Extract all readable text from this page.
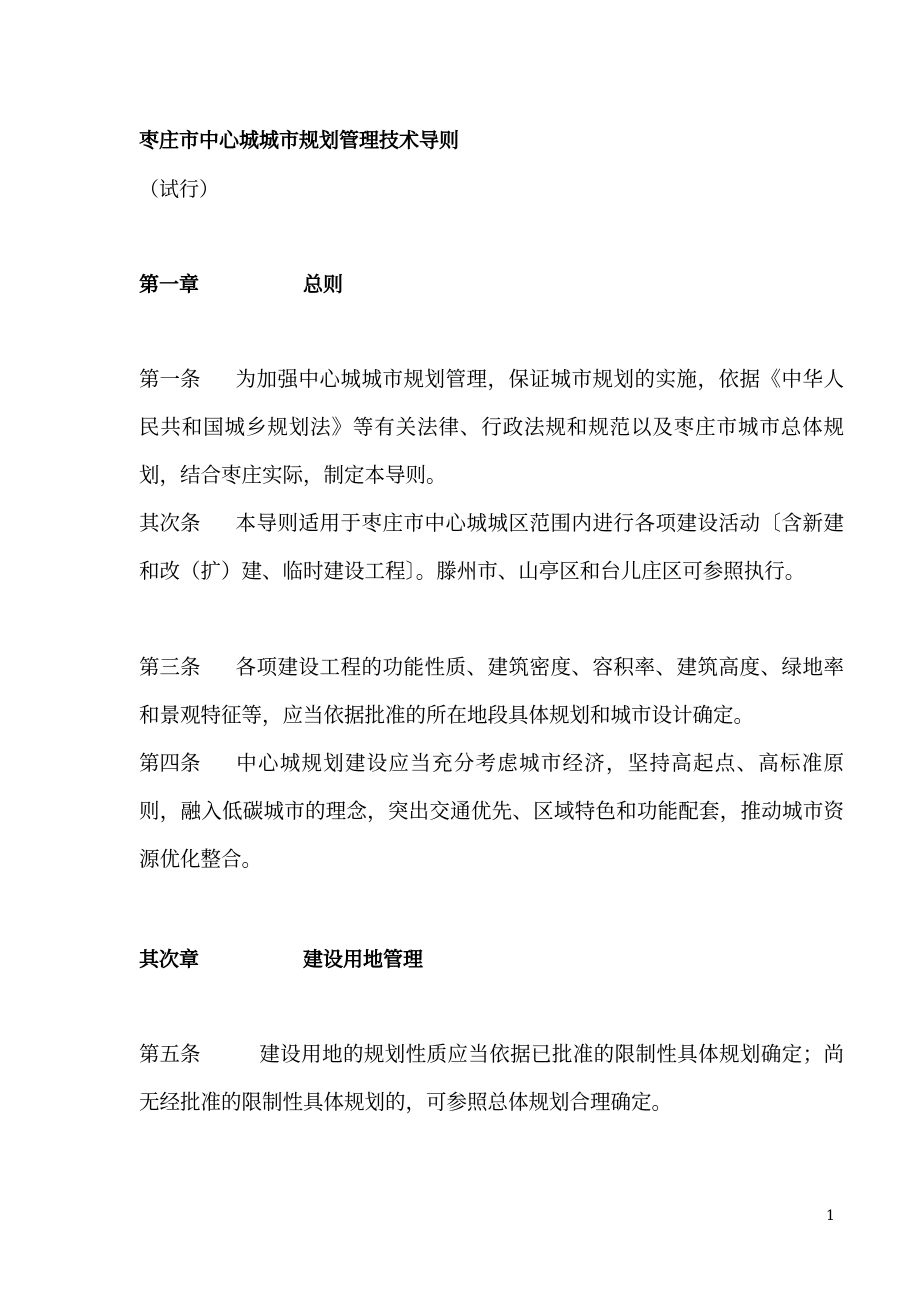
枣庄市中心城城市规划管理技术导则
（试行）
第一章	总则
第一条 为加强中心城城市规划管理，保证城市规划的实施，依据《中华人民共和国城乡规划法》等有关法律、行政法规和规范以及枣庄市城市总体规划，结合枣庄实际，制定本导则。
其次条 本导则适用于枣庄市中心城城区范围内进行各项建设活动〔含新建和改（扩）建、临时建设工程〕。滕州市、山亭区和台儿庄区可参照执行。
第三条 各项建设工程的功能性质、建筑密度、容积率、建筑高度、绿地率和景观特征等，应当依据批准的所在地段具体规划和城市设计确定。
第四条 中心城规划建设应当充分考虑城市经济，坚持高起点、高标准原则，融入低碳城市的理念，突出交通优先、区域特色和功能配套，推动城市资源优化整合。
其次章	建设用地管理
第五条	建设用地的规划性质应当依据已批准的限制性具体规划确定；尚无经批准的限制性具体规划的，可参照总体规划合理确定。
1
